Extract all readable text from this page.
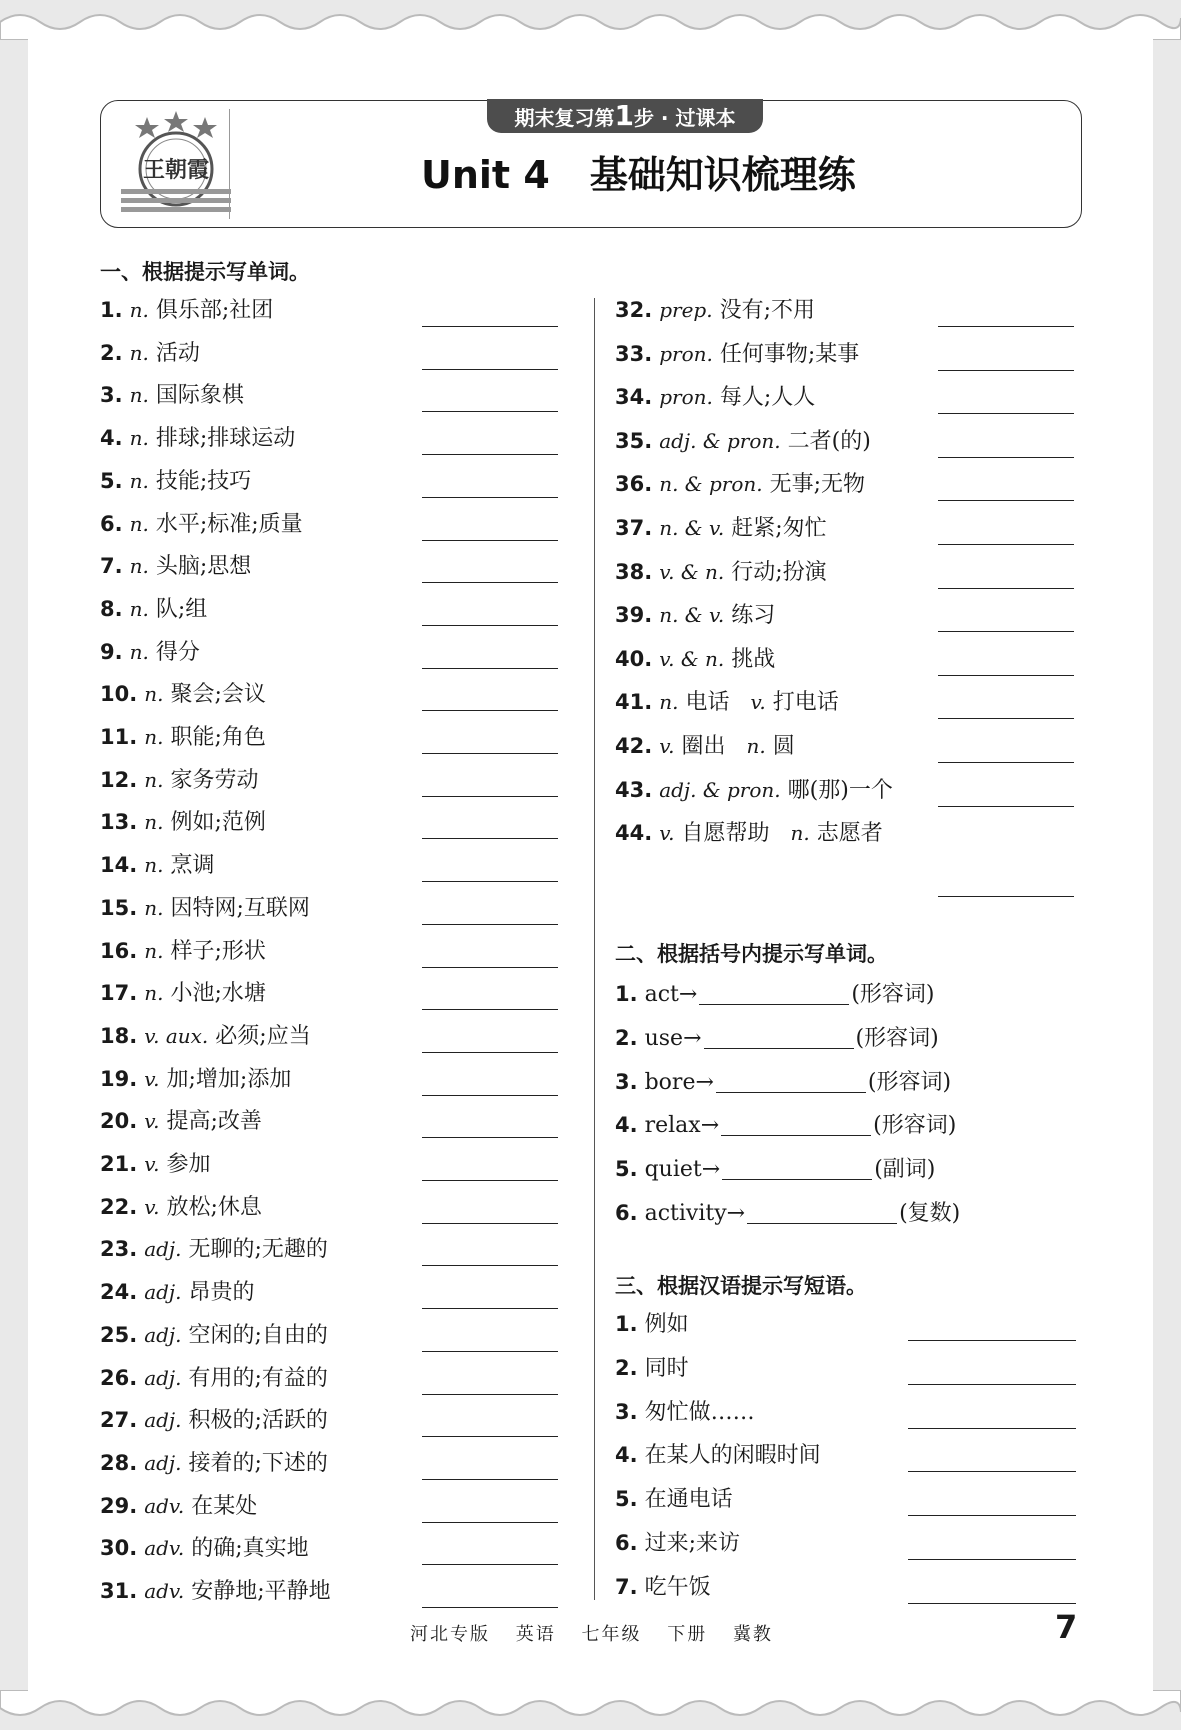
王朝霞
期末复习第1步 · 过课本
Unit 4 基础知识梳理练
一、根据提示写单词。
1. n. 俱乐部;社团
2. n. 活动
3. n. 国际象棋
4. n. 排球;排球运动
5. n. 技能;技巧
6. n. 水平;标准;质量
7. n. 头脑;思想
8. n. 队;组
9. n. 得分
10. n. 聚会;会议
11. n. 职能;角色
12. n. 家务劳动
13. n. 例如;范例
14. n. 烹调
15. n. 因特网;互联网
16. n. 样子;形状
17. n. 小池;水塘
18. v. aux. 必须;应当
19. v. 加;增加;添加
20. v. 提高;改善
21. v. 参加
22. v. 放松;休息
23. adj. 无聊的;无趣的
24. adj. 昂贵的
25. adj. 空闲的;自由的
26. adj. 有用的;有益的
27. adj. 积极的;活跃的
28. adj. 接着的;下述的
29. adv. 在某处
30. adv. 的确;真实地
31. adv. 安静地;平静地
32. prep. 没有;不用
33. pron. 任何事物;某事
34. pron. 每人;人人
35. adj. & pron. 二者(的)
36. n. & pron. 无事;无物
37. n. & v. 赶紧;匆忙
38. v. & n. 行动;扮演
39. n. & v. 练习
40. v. & n. 挑战
41. n. 电话 v. 打电话
42. v. 圈出 n. 圆
43. adj. & pron. 哪(那)一个
44. v. 自愿帮助 n. 志愿者
二、根据括号内提示写单词。
1. act→	(形容词)
2. use→	(形容词)
3. bore→	(形容词)
4. relax→	(形容词)
5. quiet→	(副词)
6. activity→	(复数)
三、根据汉语提示写短语。
1. 例如
2. 同时
3. 匆忙做……
4. 在某人的闲暇时间
5. 在通电话
6. 过来;来访
7. 吃午饭
河北专版 英语 七年级 下册 冀教	7
